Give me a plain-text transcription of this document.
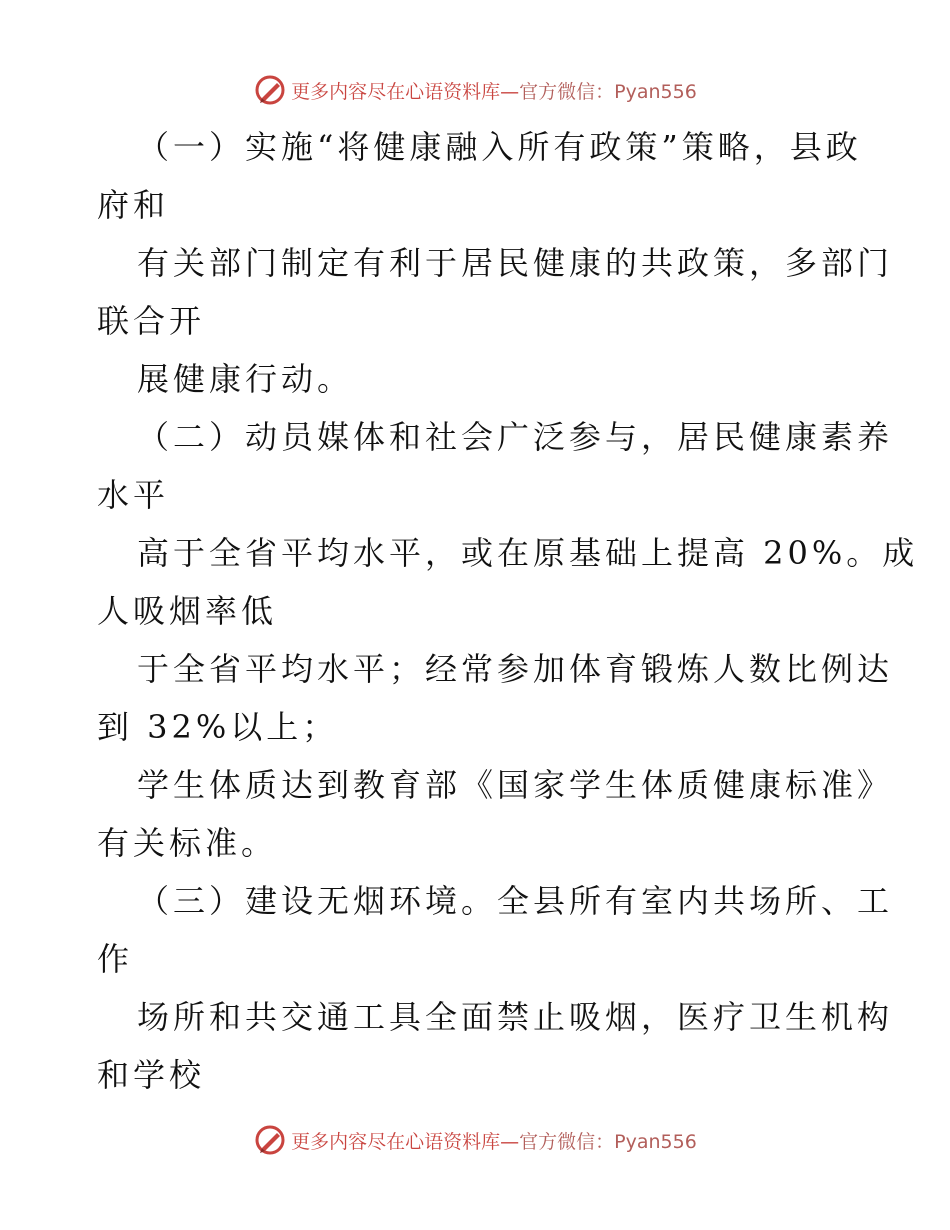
更多内容尽在心语资料库—官方微信：Pyan556
（一）实施“将健康融入所有政策”策略，县政
府和
有关部门制定有利于居民健康的共政策，多部门
联合开
展健康行动。
（二）动员媒体和社会广泛参与，居民健康素养
水平
高于全省平均水平，或在原基础上提高 20%。成
人吸烟率低
于全省平均水平；经常参加体育锻炼人数比例达
到 32%以上；
学生体质达到教育部《国家学生体质健康标准》
有关标准。
（三）建设无烟环境。全县所有室内共场所、工
作
场所和共交通工具全面禁止吸烟，医疗卫生机构
和学校
更多内容尽在心语资料库—官方微信：Pyan556
